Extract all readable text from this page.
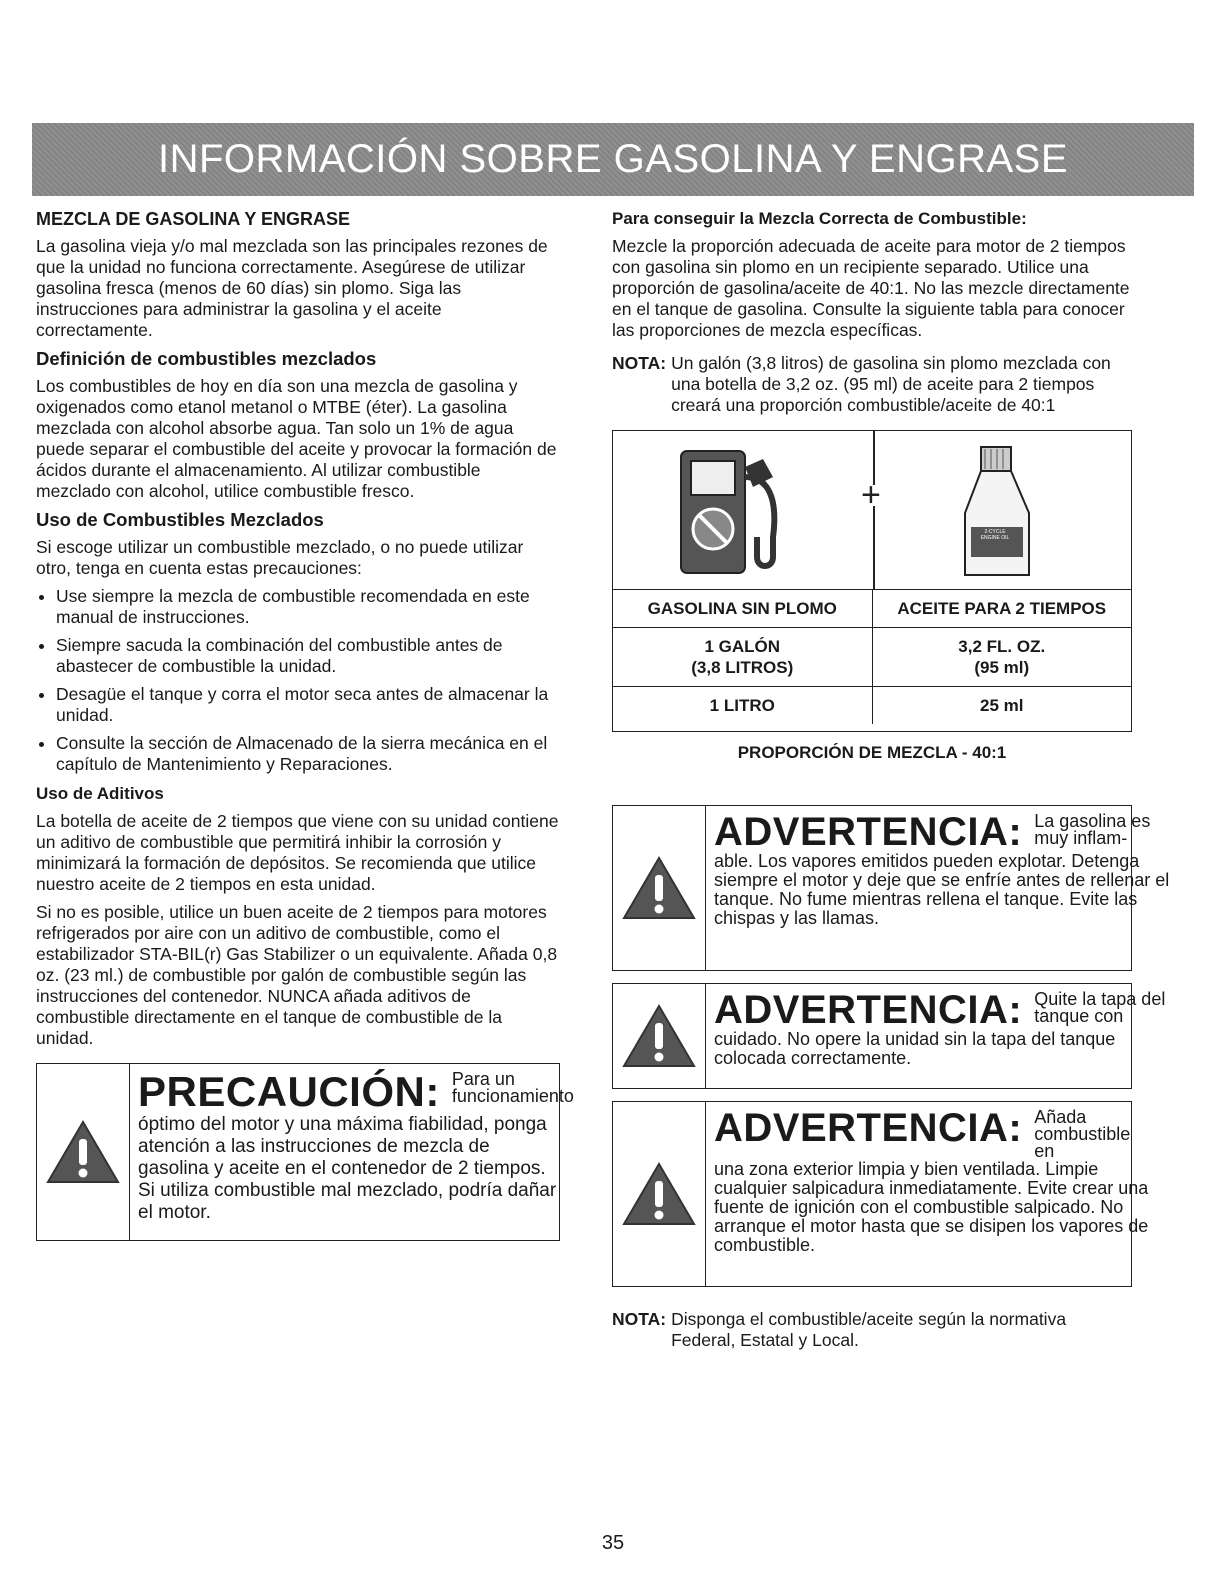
INFORMACIÓN SOBRE GASOLINA Y ENGRASE
MEZCLA DE GASOLINA Y ENGRASE

La gasolina vieja y/o mal mezclada son las principales rezones de que la unidad no funciona correctamente. Asegúrese de utilizar gasolina fresca (menos de 60 días) sin plomo. Siga las instrucciones para administrar la gasolina y el aceite correctamente.

Definición de combustibles mezclados

Los combustibles de hoy en día son una mezcla de gasolina y oxigenados como etanol metanol o MTBE (éter). La gasolina mezclada con alcohol absorbe agua. Tan solo un 1% de agua puede separar el combustible del aceite y provocar la formación de ácidos durante el almacenamiento. Al utilizar combustible mezclado con alcohol, utilice combustible fresco.

Uso de Combustibles Mezclados

Si escoge utilizar un combustible mezclado, o no puede utilizar otro, tenga en cuenta estas precauciones:

• Use siempre la mezcla de combustible recomendada en este manual de instrucciones.
• Siempre sacuda la combinación del combustible antes de abastecer de combustible la unidad.
• Desagüe el tanque y corra el motor seca antes de almacenar la unidad.
• Consulte la sección de Almacenado de la sierra mecánica en el capítulo de Mantenimiento y Reparaciones.
Uso de Aditivos

La botella de aceite de 2 tiempos que viene con su unidad contiene un aditivo de combustible que permitirá inhibir la corrosión y minimizará la formación de depósitos. Se recomienda que utilice nuestro aceite de 2 tiempos en esta unidad.

Si no es posible, utilice un buen aceite de 2 tiempos para motores refrigerados por aire con un aditivo de combustible, como el estabilizador STA-BIL(r) Gas Stabilizer o un equivalente. Añada 0,8 oz. (23 ml.) de combustible por galón de combustible según las instrucciones del contenedor. NUNCA añada aditivos de combustible directamente en el tanque de combustible de la unidad.

PRECAUCIÓN: Para un funcionamiento
óptimo del motor y una máxima fiabilidad, ponga atención a las instrucciones de mezcla de gasolina y aceite en el contenedor de 2 tiempos. Si utiliza combustible mal mezclado, podría dañar el motor.
Para conseguir la Mezcla Correcta de Combustible:

Mezcle la proporción adecuada de aceite para motor de 2 tiempos con gasolina sin plomo en un recipiente separado. Utilice una proporción de gasolina/aceite de 40:1. No las mezcle directamente en el tanque de gasolina. Consulte la siguiente tabla para conocer las proporciones de mezcla específicas.

NOTA: Un galón (3,8 litros) de gasolina sin plomo mezclada con una botella de 3,2 oz. (95 ml) de aceite para 2 tiempos creará una proporción combustible/aceite de 40:1
+
2-CYCLE ENGINE OIL
GASOLINA SIN PLOMO	ACEITE PARA 2 TIEMPOS
1 GALÓN
(3,8 LITROS)
3,2 FL. OZ.
(95 ml)
1 LITRO	25 ml
PROPORCIÓN DE MEZCLA - 40:1
ADVERTENCIA: La gasolina es muy inflam-
able. Los vapores emitidos pueden explotar. Detenga siempre el motor y deje que se enfríe antes de rellenar el tanque. No fume mientras rellena el tanque. Evite las chispas y las llamas.
ADVERTENCIA: Quite la tapa del tanque con
cuidado. No opere la unidad sin la tapa del tanque colocada correctamente.
ADVERTENCIA: Añada combustible en
una zona exterior limpia y bien ventilada. Limpie cualquier salpicadura inmediatamente. Evite crear una fuente de ignición con el combustible salpicado. No arranque el motor hasta que se disipen los vapores de combustible.
NOTA: Disponga el combustible/aceite según la normativa Federal, Estatal y Local.
35
